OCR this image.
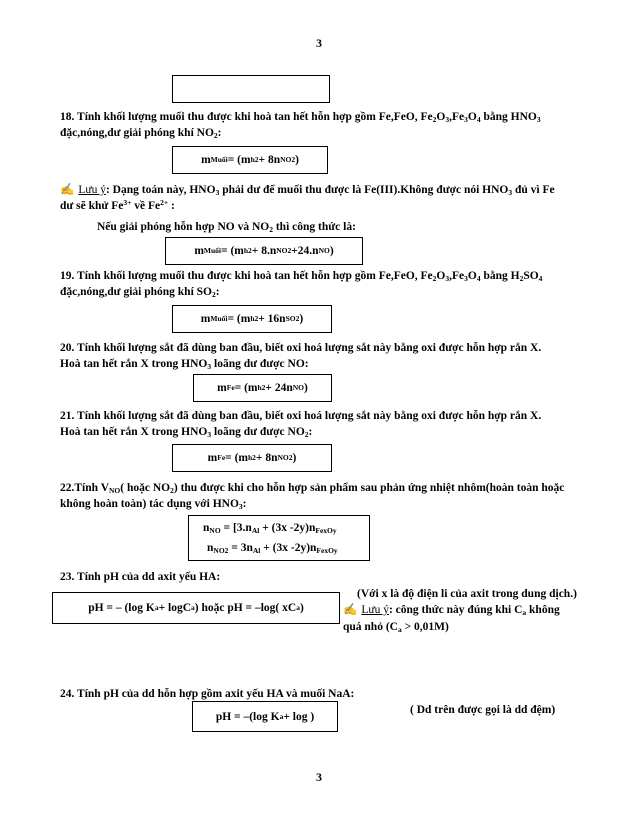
3
18. Tính khối lượng muối thu được khi hoà tan hết hỗn hợp gồm Fe,FeO, $Fe_2O_3,Fe_3O_4$ bằng $HNO_3$
đặc,nóng,dư giải phóng khí $NO_2$:
m Muối = (m h 2 + 8n NO2 )
✍ Lưu ý: Dạng toán này, $HNO_3$ phải dư để muối thu được là Fe(III).Không được nói $HNO_3$ đủ vì Fe
dư sẽ khử $Fe^{3+}$ về $Fe^{2+}$ :
Nếu giải phóng hỗn hợp NO và $NO_2$ thì công thức là:
m Muối = (m h 2 + 8.n NO2 +24.n NO )
19. Tính khối lượng muối thu được khi hoà tan hết hỗn hợp gồm Fe,FeO, $Fe_2O_3,Fe_3O_4$ bằng $H_2SO_4$
đặc,nóng,dư giải phóng khí $SO_2$:
m Muối = (m h 2 + 16n SO2 )
20. Tính khối lượng sắt đã dùng ban đầu, biết oxi hoá lượng sắt này bằng oxi được hỗn hợp rắn X.
Hoà tan hết rắn X trong $HNO_3$ loãng dư được NO:
m Fe = (m h 2 + 24n NO )
21. Tính khối lượng sắt đã dùng ban đầu, biết oxi hoá lượng sắt này bằng oxi được hỗn hợp rắn X.
Hoà tan hết rắn X trong $HNO_3$ loãng dư được $NO_2$:
m Fe = (m h 2 + 8n NO2 )
22.Tính $V_{NO}$( hoặc $NO_2$) thu được khi cho hỗn hợp sản phẩm sau phản ứng nhiệt nhôm(hoàn toàn hoặc
không hoàn toàn) tác dụng với $HNO_3$:
$n_{NO} = [3.n_{Al} + (3x$ $-2y)n_{FexOy}$
$n_{NO2} = 3n_{Al} + (3x$ $-2y)n_{FexOy}$
23. Tính pH của dd axit yếu HA:
pH = – (log K a + logC a ) hoặc pH = –log( xC a )
(Với x là độ điện li của axit trong dung dịch.)
✍ Lưu ý: công thức này đúng khi $C_a$ không
quá nhỏ $(C_a > 0,01M)$
24. Tính pH của dd hỗn hợp gồm axit yếu HA và muối NaA:
( Dd trên được gọi là dd đệm)
pH = –(log K a + log )
3
